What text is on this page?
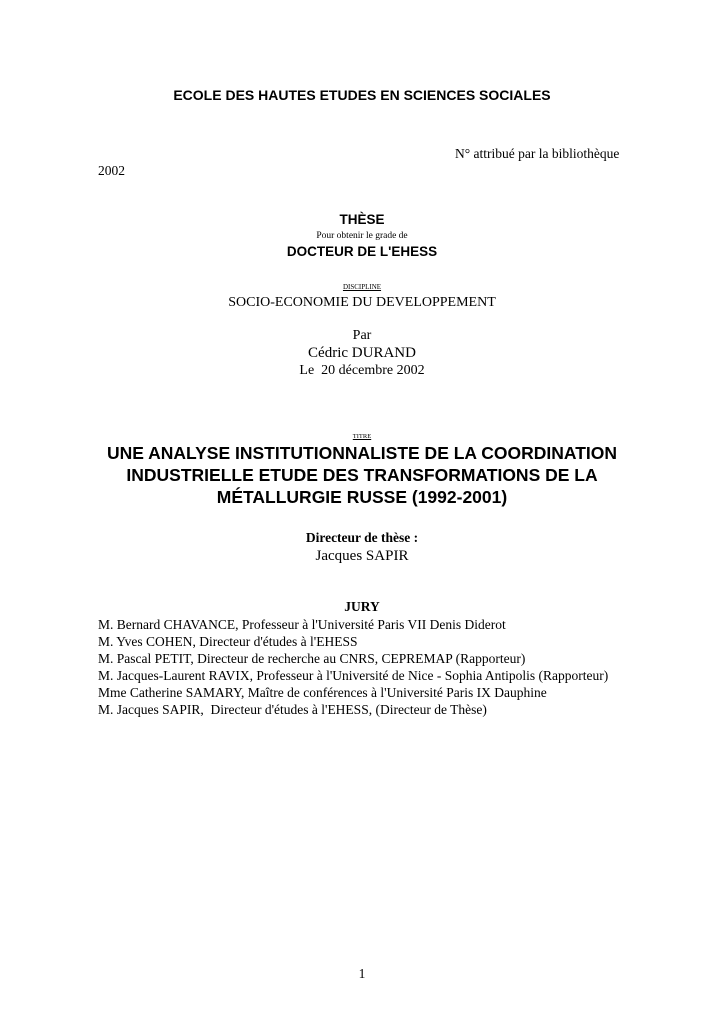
ECOLE DES HAUTES ETUDES EN SCIENCES SOCIALES
N° attribué par la bibliothèque
2002
THÈSE
Pour obtenir le grade de
DOCTEUR DE L'EHESS
DISCIPLINE
SOCIO-ECONOMIE DU DEVELOPPEMENT
Par
Cédric DURAND
Le  20 décembre 2002
TITRE
UNE ANALYSE INSTITUTIONNALISTE DE LA COORDINATION INDUSTRIELLE ETUDE DES TRANSFORMATIONS DE LA MÉTALLURGIE RUSSE (1992-2001)
Directeur de thèse :
Jacques SAPIR
JURY
M. Bernard CHAVANCE, Professeur à l'Université Paris VII Denis Diderot
M. Yves COHEN, Directeur d'études à l'EHESS
M. Pascal PETIT, Directeur de recherche au CNRS, CEPREMAP (Rapporteur)
M. Jacques-Laurent RAVIX, Professeur à l'Université de Nice - Sophia Antipolis (Rapporteur)
Mme Catherine SAMARY, Maître de conférences à l'Université Paris IX Dauphine
M. Jacques SAPIR,  Directeur d'études à l'EHESS, (Directeur de Thèse)
1
